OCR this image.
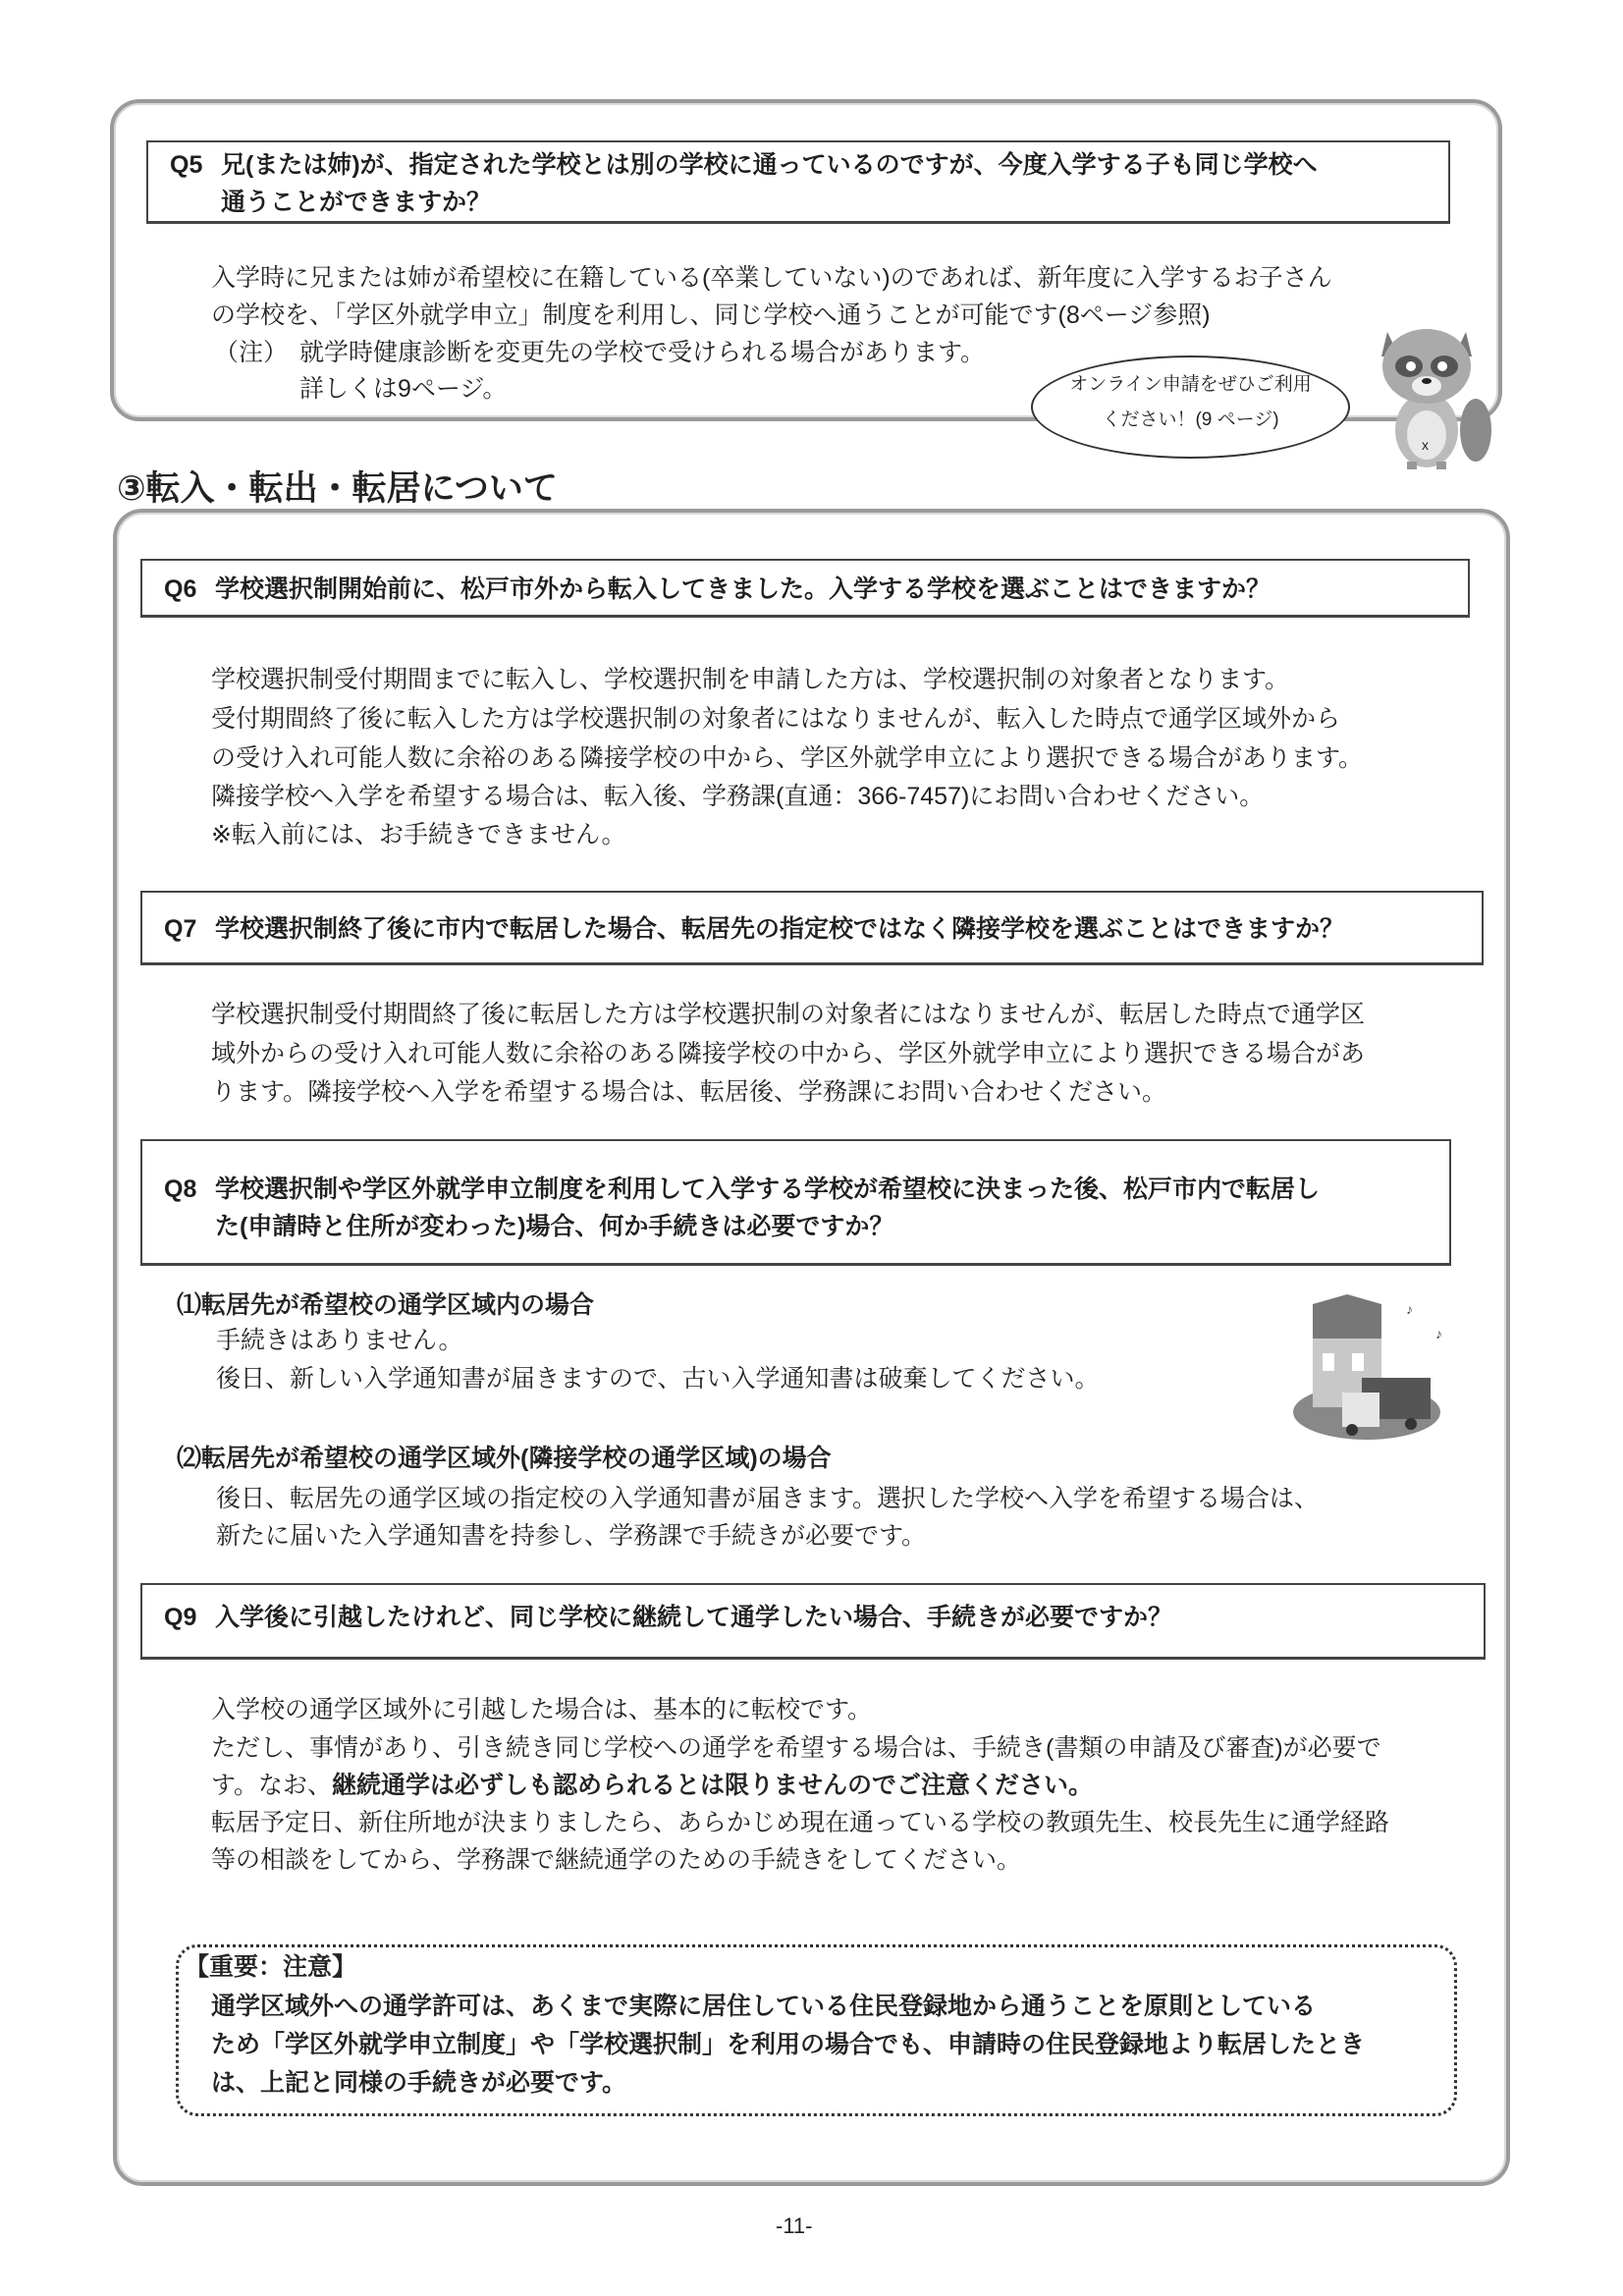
Q5 兄(または姉)が、指定された学校とは別の学校に通っているのですが、今度入学する子も同じ学校へ
通うことができますか？
入学時に兄または姉が希望校に在籍している(卒業していない)のであれば、新年度に入学するお子さん
の学校を、「学区外就学申立」制度を利用し、同じ学校へ通うことが可能です(8ページ参照)
（注） 就学時健康診断を変更先の学校で受けられる場合があります。
詳しくは9ページ。	オンライン申請をぜひご利用
ください！(9 ページ)
x
③転入・転出・転居について
Q6 学校選択制開始前に、松戸市外から転入してきました。入学する学校を選ぶことはできますか？
学校選択制受付期間までに転入し、学校選択制を申請した方は、学校選択制の対象者となります。
受付期間終了後に転入した方は学校選択制の対象者にはなりませんが、転入した時点で通学区域外から
の受け入れ可能人数に余裕のある隣接学校の中から、学区外就学申立により選択できる場合があります。
隣接学校へ入学を希望する場合は、転入後、学務課(直通：366-7457)にお問い合わせください。
※転入前には、お手続きできません。
Q7 学校選択制終了後に市内で転居した場合、転居先の指定校ではなく隣接学校を選ぶことはできますか？
学校選択制受付期間終了後に転居した方は学校選択制の対象者にはなりませんが、転居した時点で通学区
域外からの受け入れ可能人数に余裕のある隣接学校の中から、学区外就学申立により選択できる場合があ
ります。隣接学校へ入学を希望する場合は、転居後、学務課にお問い合わせください。
Q8 学校選択制や学区外就学申立制度を利用して入学する学校が希望校に決まった後、松戸市内で転居し
た(申請時と住所が変わった)場合、何か手続きは必要ですか？
⑴転居先が希望校の通学区域内の場合
手続きはありません。
後日、新しい入学通知書が届きますので、古い入学通知書は破棄してください。
♪
♪
⑵転居先が希望校の通学区域外(隣接学校の通学区域)の場合
後日、転居先の通学区域の指定校の入学通知書が届きます。選択した学校へ入学を希望する場合は、
新たに届いた入学通知書を持参し、学務課で手続きが必要です。
Q9 入学後に引越したけれど、同じ学校に継続して通学したい場合、手続きが必要ですか？
入学校の通学区域外に引越した場合は、基本的に転校です。
ただし、事情があり、引き続き同じ学校への通学を希望する場合は、手続き(書類の申請及び審査)が必要で
す。なお、継続通学は必ずしも認められるとは限りませんのでご注意ください。
転居予定日、新住所地が決まりましたら、あらかじめ現在通っている学校の教頭先生、校長先生に通学経路
等の相談をしてから、学務課で継続通学のための手続きをしてください。
【重要：注意】
通学区域外への通学許可は、あくまで実際に居住している住民登録地から通うことを原則としている
ため「学区外就学申立制度」や「学校選択制」を利用の場合でも、申請時の住民登録地より転居したとき
は、上記と同様の手続きが必要です。
-11-
